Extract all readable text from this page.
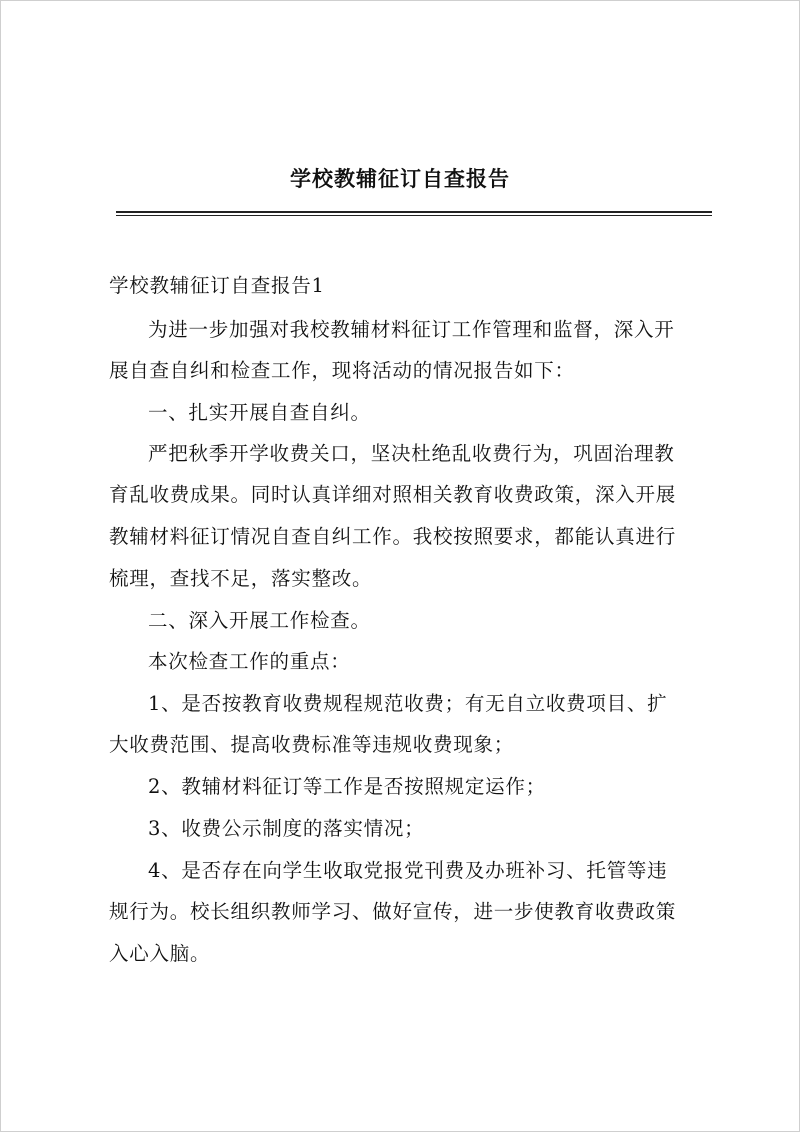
学校教辅征订自查报告

学校教辅征订自查报告1

为进一步加强对我校教辅材料征订工作管理和监督，深入开

展自查自纠和检查工作，现将活动的情况报告如下：

一、扎实开展自查自纠。

严把秋季开学收费关口，坚决杜绝乱收费行为，巩固治理教

育乱收费成果。同时认真详细对照相关教育收费政策，深入开展

教辅材料征订情况自查自纠工作。我校按照要求，都能认真进行

梳理，查找不足，落实整改。

二、深入开展工作检查。

本次检查工作的重点：

1、是否按教育收费规程规范收费；有无自立收费项目、扩

大收费范围、提高收费标准等违规收费现象；

2、教辅材料征订等工作是否按照规定运作；

3、收费公示制度的落实情况；

4、是否存在向学生收取党报党刊费及办班补习、托管等违

规行为。校长组织教师学习、做好宣传，进一步使教育收费政策

入心入脑。
